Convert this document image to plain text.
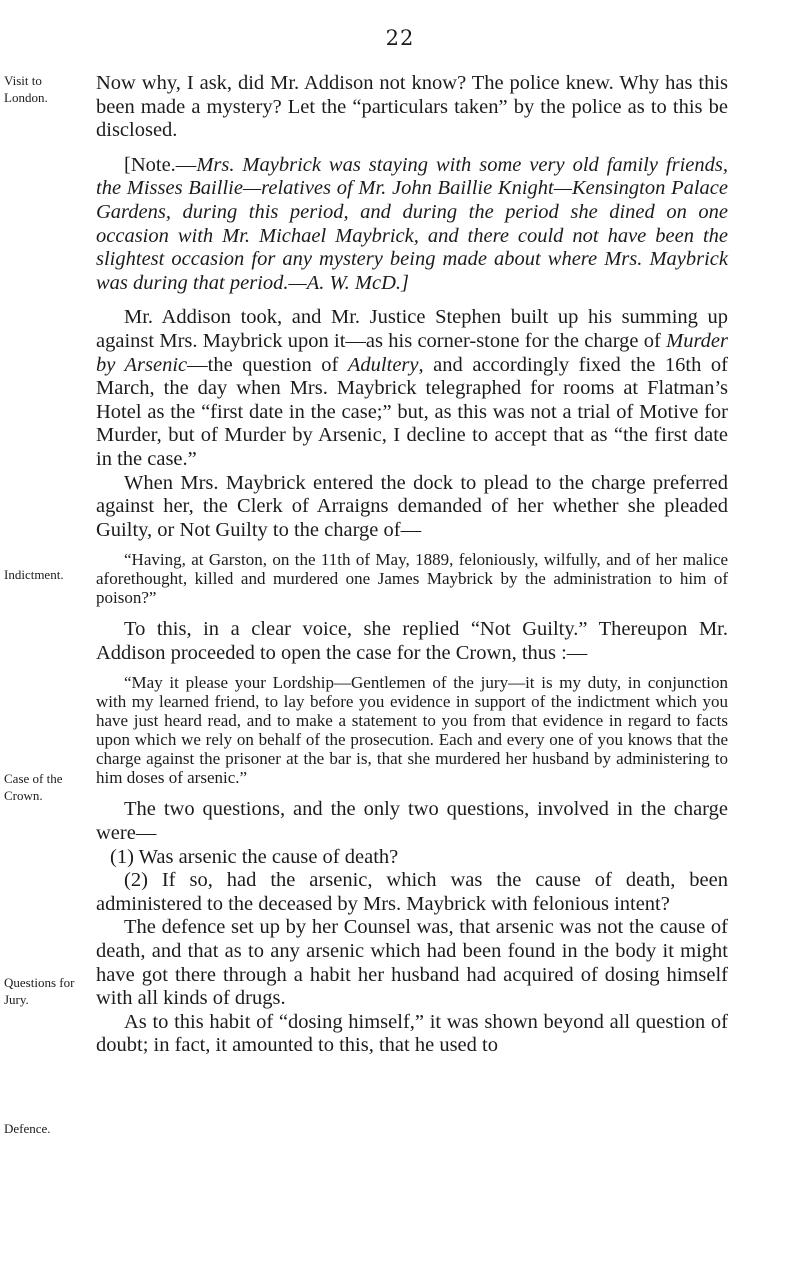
22
Visit to London.
Indictment.
Case of the Crown.
Questions for Jury.
Defence.

Now why, I ask, did Mr. Addison not know? The police knew. Why has this been made a mystery? Let the “particulars taken” by the police as to this be disclosed.

[Note.—Mrs. Maybrick was staying with some very old family friends, the Misses Baillie—relatives of Mr. John Baillie Knight—Kensington Palace Gardens, during this period, and during the period she dined on one occasion with Mr. Michael Maybrick, and there could not have been the slightest occasion for any mystery being made about where Mrs. Maybrick was during that period.—A. W. McD.]

Mr. Addison took, and Mr. Justice Stephen built up his summing up against Mrs. Maybrick upon it—as his corner-stone for the charge of Murder by Arsenic—the question of Adultery, and accordingly fixed the 16th of March, the day when Mrs. Maybrick telegraphed for rooms at Flatman’s Hotel as the “first date in the case;” but, as this was not a trial of Motive for Murder, but of Murder by Arsenic, I decline to accept that as “the first date in the case.”

When Mrs. Maybrick entered the dock to plead to the charge preferred against her, the Clerk of Arraigns demanded of her whether she pleaded Guilty, or Not Guilty to the charge of—

“Having, at Garston, on the 11th of May, 1889, feloniously, wilfully, and of her malice aforethought, killed and murdered one James Maybrick by the administration to him of poison?”

To this, in a clear voice, she replied “Not Guilty.” Thereupon Mr. Addison proceeded to open the case for the Crown, thus :—

“May it please your Lordship—Gentlemen of the jury—it is my duty, in conjunction with my learned friend, to lay before you evidence in support of the indictment which you have just heard read, and to make a statement to you from that evidence in regard to facts upon which we rely on behalf of the prosecution. Each and every one of you knows that the charge against the prisoner at the bar is, that she murdered her husband by administering to him doses of arsenic.”

The two questions, and the only two questions, involved in the charge were—

(1) Was arsenic the cause of death?

(2) If so, had the arsenic, which was the cause of death, been administered to the deceased by Mrs. Maybrick with felonious intent?

The defence set up by her Counsel was, that arsenic was not the cause of death, and that as to any arsenic which had been found in the body it might have got there through a habit her husband had acquired of dosing himself with all kinds of drugs.

As to this habit of “dosing himself,” it was shown beyond all question of doubt; in fact, it amounted to this, that he used to
